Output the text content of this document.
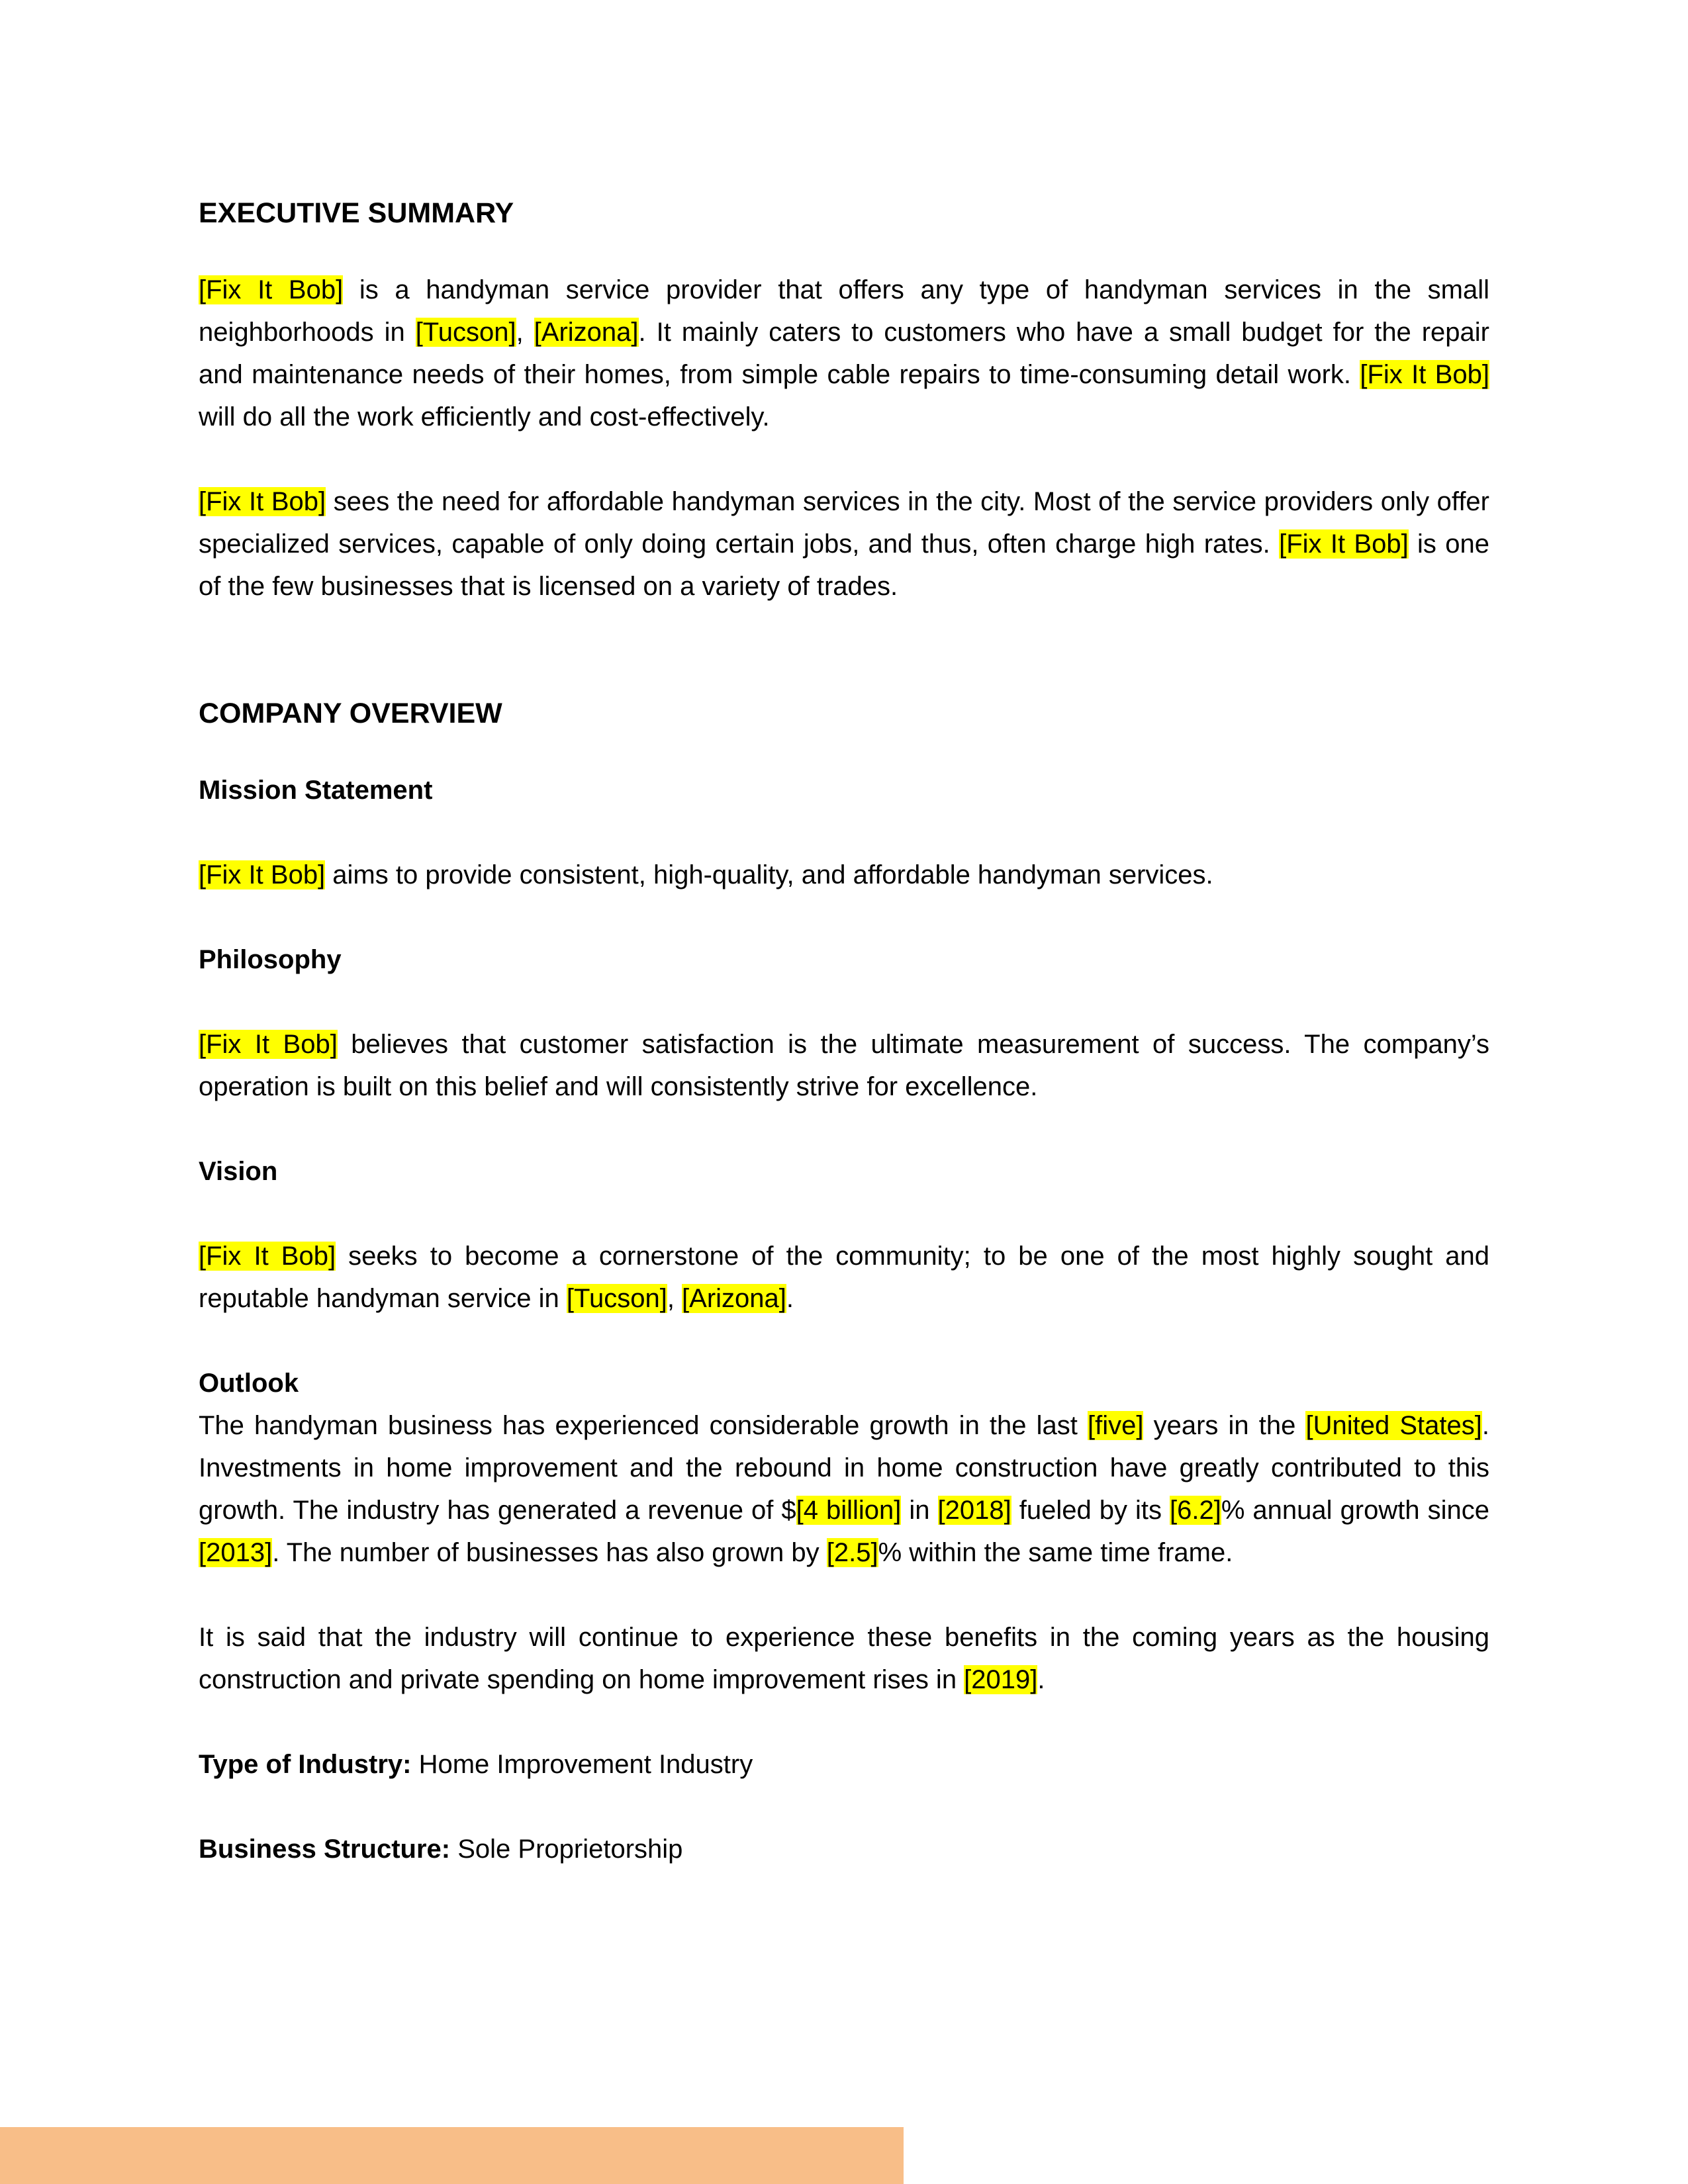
EXECUTIVE SUMMARY

[Fix It Bob] is a handyman service provider that offers any type of handyman services in the small neighborhoods in [Tucson], [Arizona]. It mainly caters to customers who have a small budget for the repair and maintenance needs of their homes, from simple cable repairs to time-consuming detail work. [Fix It Bob] will do all the work efficiently and cost-effectively.

[Fix It Bob] sees the need for affordable handyman services in the city. Most of the service providers only offer specialized services, capable of only doing certain jobs, and thus, often charge high rates. [Fix It Bob] is one of the few businesses that is licensed on a variety of trades.

COMPANY OVERVIEW
Mission Statement

[Fix It Bob] aims to provide consistent, high-quality, and affordable handyman services.

Philosophy

[Fix It Bob] believes that customer satisfaction is the ultimate measurement of success. The company’s operation is built on this belief and will consistently strive for excellence.

Vision

[Fix It Bob] seeks to become a cornerstone of the community; to be one of the most highly sought and reputable handyman service in [Tucson], [Arizona].

Outlook

The handyman business has experienced considerable growth in the last [five] years in the [United States]. Investments in home improvement and the rebound in home construction have greatly contributed to this growth. The industry has generated a revenue of $[4 billion] in [2018] fueled by its [6.2]% annual growth since [2013]. The number of businesses has also grown by [2.5]% within the same time frame.

It is said that the industry will continue to experience these benefits in the coming years as the housing construction and private spending on home improvement rises in [2019].

Type of Industry: Home Improvement Industry

Business Structure: Sole Proprietorship
